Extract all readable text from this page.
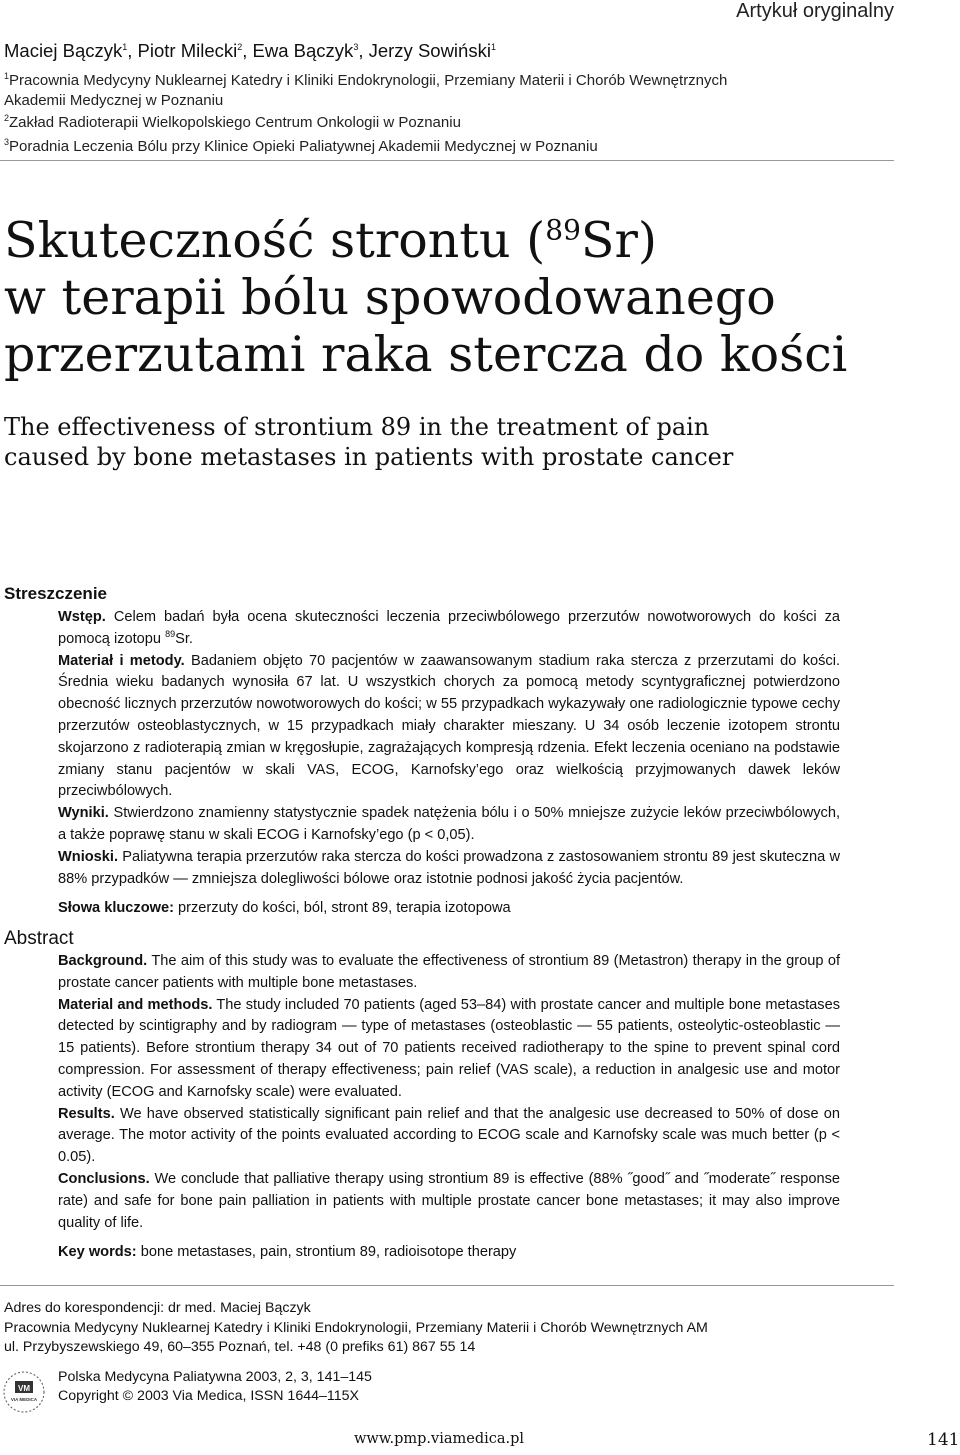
Artykuł oryginalny
Maciej Bączyk$^1$, Piotr Milecki$^2$, Ewa Bączyk$^3$, Jerzy Sowiński$^1$
$^1$Pracownia Medycyny Nuklearnej Katedry i Kliniki Endokrynologii, Przemiany Materii i Chorób Wewnętrznych
Akademii Medycznej w Poznaniu
$^2$Zakład Radioterapii Wielkopolskiego Centrum Onkologii w Poznaniu
$^3$Poradnia Leczenia Bólu przy Klinice Opieki Paliatywnej Akademii Medycznej w Poznaniu
Skuteczność strontu ($^{89}$Sr)
w terapii bólu spowodowanego
przerzutami raka stercza do kości
The effectiveness of strontium 89 in the treatment of pain
caused by bone metastases in patients with prostate cancer
Streszczenie

Wstęp. Celem badań była ocena skuteczności leczenia przeciwbólowego przerzutów nowotworowych do kości za pomocą izotopu $^{89}$Sr.

Materiał i metody. Badaniem objęto 70 pacjentów w zaawansowanym stadium raka stercza z przerzutami do kości. Średnia wieku badanych wynosiła 67 lat. U wszystkich chorych za pomocą metody scyntygraficznej potwierdzono obecność licznych przerzutów nowotworowych do kości; w 55 przypadkach wykazywały one radiologicznie typowe cechy przerzutów osteoblastycznych, w 15 przypadkach miały charakter mieszany. U 34 osób leczenie izotopem strontu skojarzono z radioterapią zmian w kręgosłupie, zagrażających kompresją rdzenia. Efekt leczenia oceniano na podstawie zmiany stanu pacjentów w skali VAS, ECOG, Karnofsky’ego oraz wielkością przyjmowanych dawek leków przeciwbólowych.

Wyniki. Stwierdzono znamienny statystycznie spadek natężenia bólu i o 50% mniejsze zużycie leków przeciwbólowych, a także poprawę stanu w skali ECOG i Karnofsky’ego (p < 0,05).

Wnioski. Paliatywna terapia przerzutów raka stercza do kości prowadzona z zastosowaniem strontu 89 jest skuteczna w 88% przypadków — zmniejsza dolegliwości bólowe oraz istotnie podnosi jakość życia pacjentów.

Słowa kluczowe: przerzuty do kości, ból, stront 89, terapia izotopowa

Abstract

Background. The aim of this study was to evaluate the effectiveness of strontium 89 (Metastron) therapy in the group of prostate cancer patients with multiple bone metastases.

Material and methods. The study included 70 patients (aged 53–84) with prostate cancer and multiple bone metastases detected by scintigraphy and by radiogram — type of metastases (osteoblastic — 55 patients, osteolytic-osteoblastic — 15 patients). Before strontium therapy 34 out of 70 patients received radiotherapy to the spine to prevent spinal cord compression. For assessment of therapy effectiveness; pain relief (VAS scale), a reduction in analgesic use and motor activity (ECOG and Karnofsky scale) were evaluated.

Results. We have observed statistically significant pain relief and that the analgesic use decreased to 50% of dose on average. The motor activity of the points evaluated according to ECOG scale and Karnofsky scale was much better (p < 0.05).

Conclusions. We conclude that palliative therapy using strontium 89 is effective (88% ˝good˝ and ˝moderate˝ response rate) and safe for bone pain palliation in patients with multiple prostate cancer bone metastases; it may also improve quality of life.

Key words: bone metastases, pain, strontium 89, radioisotope therapy

Adres do korespondencji: dr med. Maciej Bączyk
Pracownia Medycyny Nuklearnej Katedry i Kliniki Endokrynologii, Przemiany Materii i Chorób Wewnętrznych AM
ul. Przybyszewskiego 49, 60–355 Poznań, tel. +48 (0 prefiks 61) 867 55 14
VM
VIA MEDICA
Polska Medycyna Paliatywna 2003, 2, 3, 141–145
Copyright © 2003 Via Medica, ISSN 1644–115X
www.pmp.viamedica.pl	141
